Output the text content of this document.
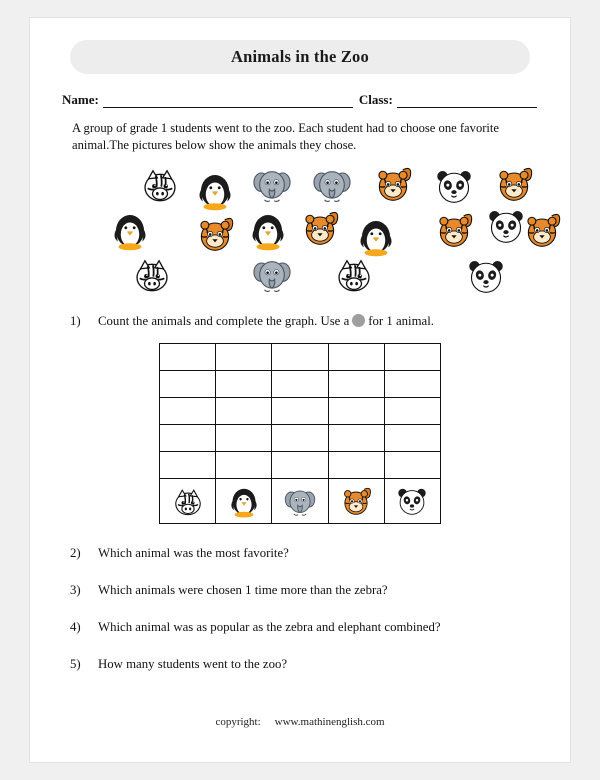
Animals in the Zoo
Name:	Class:
A group of grade 1 students went to the zoo. Each student had to choose one favorite animal.The pictures below show the animals they chose.
1)	Count the animals and complete the graph. Use a for 1 animal.

2)	Which animal was the most favorite?
3)	Which animals were chosen 1 time more than the zebra?
4)	Which animal was as popular as the zebra and elephant combined?
5)	How many students went to the zoo?
copyright: www.mathinenglish.com
